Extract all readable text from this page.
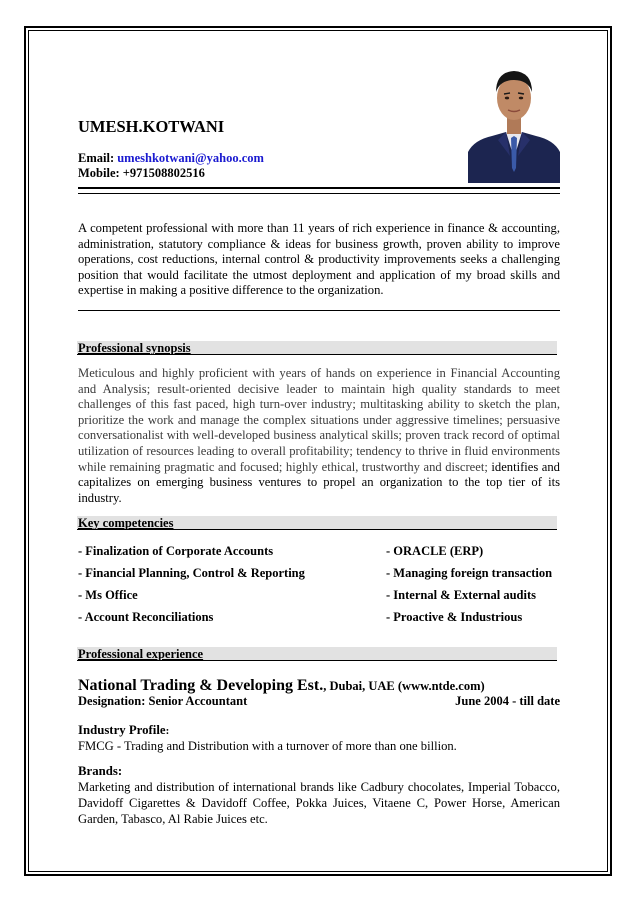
UMESH.KOTWANI
Email: umeshkotwani@yahoo.com
Mobile: +971508802516
A competent professional with more than 11 years of rich experience in finance & accounting, administration, statutory compliance & ideas for business growth, proven ability to improve operations, cost reductions, internal control & productivity improvements seeks a challenging position that would facilitate the utmost deployment and application of my broad skills and expertise in making a positive difference to the organization.
Professional synopsis
Meticulous and highly proficient with years of hands on experience in Financial Accounting and Analysis; result-oriented decisive leader to maintain high quality standards to meet challenges of this fast paced, high turn-over industry; multitasking ability to sketch the plan, prioritize the work and manage the complex situations under aggressive timelines; persuasive conversationalist with well-developed business analytical skills; proven track record of optimal utilization of resources leading to overall profitability; tendency to thrive in fluid environments while remaining pragmatic and focused; highly ethical, trustworthy and discreet; identifies and capitalizes on emerging business ventures to propel an organization to the top tier of its industry.
Key competencies
- Finalization of Corporate Accounts
- Financial Planning, Control & Reporting
- Ms Office
- Account Reconciliations
- ORACLE (ERP)
- Managing foreign transaction
- Internal & External audits
- Proactive & Industrious
Professional experience
National Trading & Developing Est., Dubai, UAE (www.ntde.com)
Designation: Senior Accountant	June 2004 - till date
Industry Profile:
FMCG - Trading and Distribution with a turnover of more than one billion.
Brands:
Marketing and distribution of international brands like Cadbury chocolates, Imperial Tobacco, Davidoff Cigarettes & Davidoff Coffee, Pokka Juices, Vitaene C, Power Horse, American Garden, Tabasco, Al Rabie Juices etc.
